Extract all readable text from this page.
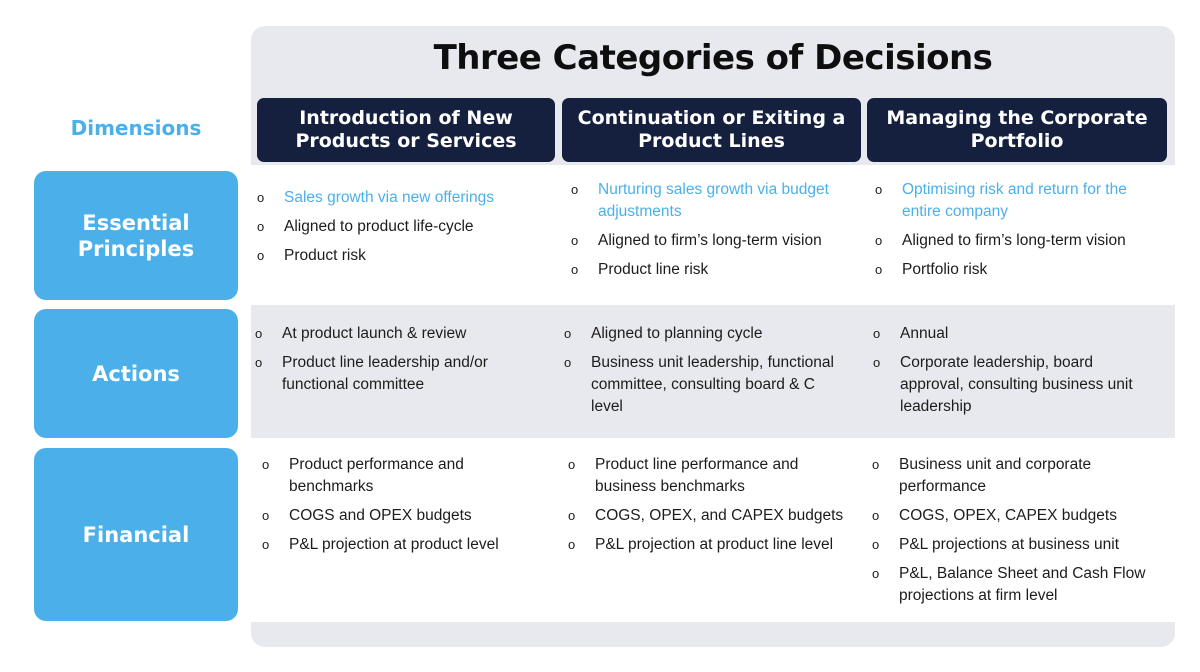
Three Categories of Decisions
Dimensions	Introduction of New Products or Services
Continuation or Exiting a Product Lines
Managing the Corporate Portfolio
Essential Principles
Actions
Financial
o Sales growth via new offerings
o Aligned to product life-cycle
o Product risk
o Nurturing sales growth via budget adjustments
o Aligned to firm’s long-term vision
o Product line risk
o Optimising risk and return for the entire company
o Aligned to firm’s long-term vision
o Portfolio risk
o At product launch & review
o Product line leadership and/or functional committee
o Aligned to planning cycle
o Business unit leadership, functional committee, consulting board & C level
o Annual
o Corporate leadership, board approval, consulting business unit leadership
o Product performance and benchmarks
o COGS and OPEX budgets
o P&L projection at product level
o Product line performance and business benchmarks
o COGS, OPEX, and CAPEX budgets
o P&L projection at product line level
o Business unit and corporate performance
o COGS, OPEX, CAPEX budgets
o P&L projections at business unit
o P&L, Balance Sheet and Cash Flow projections at firm level
